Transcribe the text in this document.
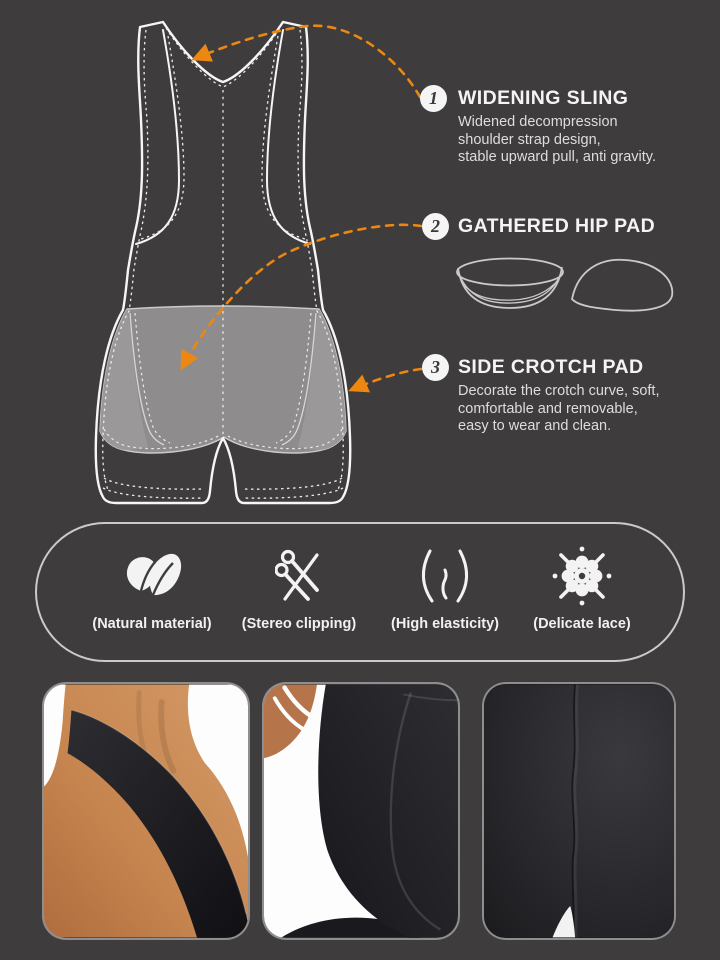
1	WIDENING SLING
Widened decompression
shoulder strap design,
stable upward pull, anti gravity.
2 GATHERED HIP PAD
3 SIDE CROTCH PAD
Decorate the crotch curve, soft,
comfortable and removable,
easy to wear and clean.
(Natural material)	(Stereo clipping)	(High elasticity)	(Delicate lace)
